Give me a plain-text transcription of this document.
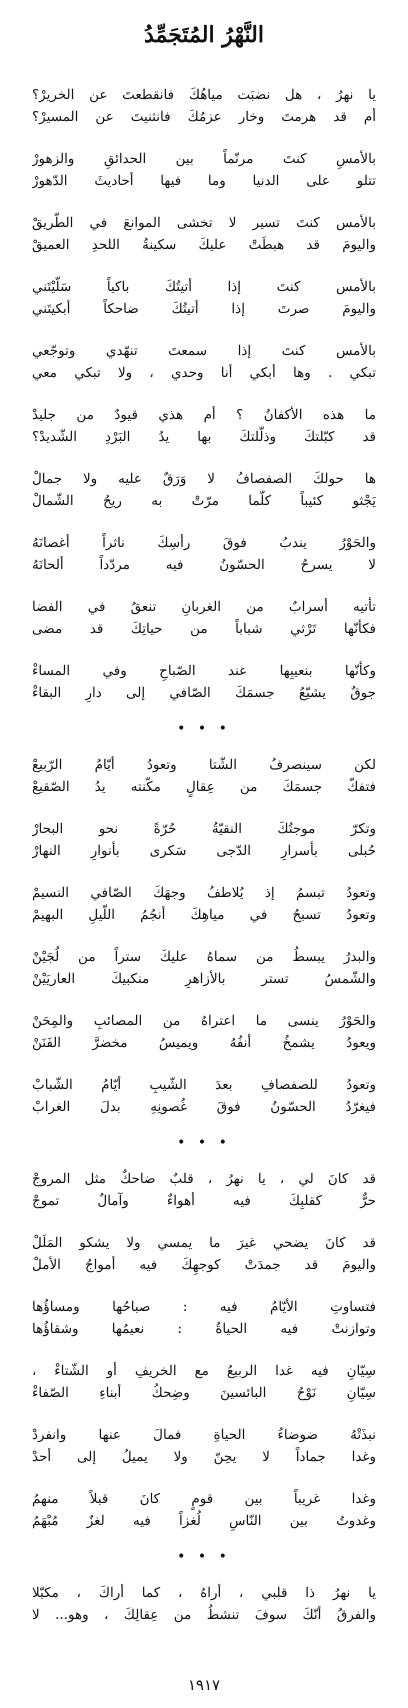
النَّهْرُ المُتَجَمِّدُ
يا نهرُ ، هل نضبَت مياهُكَ فانقطعتَ عن الخريرْ؟
أم قد هرمتَ وخار عزمُكَ فانثنيتَ عن المسيرْ؟
بالأمسِ كنتَ مرنّماً بين الحدائقِ والزهورْ
تتلو على الدنيا وما فيها أحاديثَ الدّهورْ
بالأمس كنتَ تسير لا تخشى الموانعَ في الطّريقْ
واليومَ قد هبطَتْ عليكَ سكينةُ اللحدِ العميقْ
بالأمس كنتَ إذا أتيتُكَ باكياً سَلّيْتَني
واليومَ صرتَ إذا أتيتُكَ ضاحكاً أبكيتَني
بالأمس كنتَ إذا سمعتَ تنهّدي وتوجّعي
تبكي . وها أبكي أنا وحدي ، ولا تبكي معي
ما هذه الأكفانُ ؟ أم هذي قيودٌ من جليدْ
قد كبّلتكَ وذلّلتكَ بها يدُ البَرْدِ الشّديدْ؟
ها حولكَ الصفصافُ لا وَرَقٌ عليه ولا جمالْ
يَجْثو كئيباً كلّما مرّتْ به ريحُ الشّمالْ
والحَوْرُ يندبُ فوقَ رأسِكَ ناثراً أغصانَهُ
لا يسرحُ الحسّونُ فيه مردّداً ألحانَهُ
تأتيه أسرابٌ من الغربانِ تنعقُ في الفضا
فكأنّها تَرْثي شباباً من حياتِكَ قد مضى
وكأنّها بنعيبِها عند الصّباحِ وفي المساءْ
جوقٌ يشيّعُ جسمَكَ الصّافي إلى دارِ البقاءْ
• • •
لكن سينصرفُ الشّتا وتعودُ أيّامُ الرّبيعْ
فتفكّ جسمَكَ من عِقالٍ مكّنته يدُ الصّقيعْ
وتكرّ موجتُكَ النقيّةُ حُرّةً نحو البحارْ
حُبلى بأسرارِ الدّجى سَكرى بأنوارِ النهارْ
وتعودُ تبسمُ إذ يُلاطفُ وجهَكَ الصّافي النسيمْ
وتعودُ تسبحُ في مياهِكَ أنجُمُ اللّيلِ البهيمْ
والبدرُ يبسطُ من سماهُ عليكَ ستراً من لُجَيْنْ
والشّمسُ تستر بالأزاهرِ منكبيكَ العاريَيْنْ
والحَوْرُ ينسى ما اعتراهُ من المصائبِ والمِحَنْ
ويعودُ يشمخُ أنفُهُ ويميسُ مخضرَّ الفَنَنْ
وتعودُ للصفصافِ بعدَ الشّيبِ أيّامُ الشّبابْ
فيغرّدُ الحسّونُ فوقَ غُصونِهِ بدلَ الغرابْ
• • •
قد كانَ لي ، يا نهرُ ، قلبٌ ضاحكٌ مثل المروجْ
حرٌّ كقلبِكَ فيه أهواءٌ وآمالٌ تموجْ
قد كانَ يضحي غيرَ ما يمسي ولا يشكو المَلَلْ
واليومَ قد جمدَتْ كوجهِكَ فيه أمواجُ الأملْ
فتساوتِ الأيّامُ فيه : صباحُها ومساؤُها
وتوازنتْ فيه الحياةُ : نعيمُها وشقاؤُها
سِيّانِ فيه غدا الربيعُ مع الخريفِ أو الشّتاءْ ،
سِيّانِ نَوْحُ البائسينَ وضِحكُ أبناءِ الصّفاءْ
نبذَتْهُ ضوضاءُ الحياةِ فمالَ عنها وانفردْ
وغدا جماداً لا يحِنّ ولا يميلُ إلى أحدْ
وغدا غريباً بين قومٍ كانَ قبلاً منهمُ
وغدوتُ بين النّاسِ لُغزاً فيه لغزٌ مُبْهَمُ
• • •
يا نهرُ ذا قلبي ، أراهُ ، كما أراكَ ، مكبّلا
والفرقُ أنّكَ سوفَ تنشطُ من عِقالِكَ ، وهو... لا
١٩١٧
